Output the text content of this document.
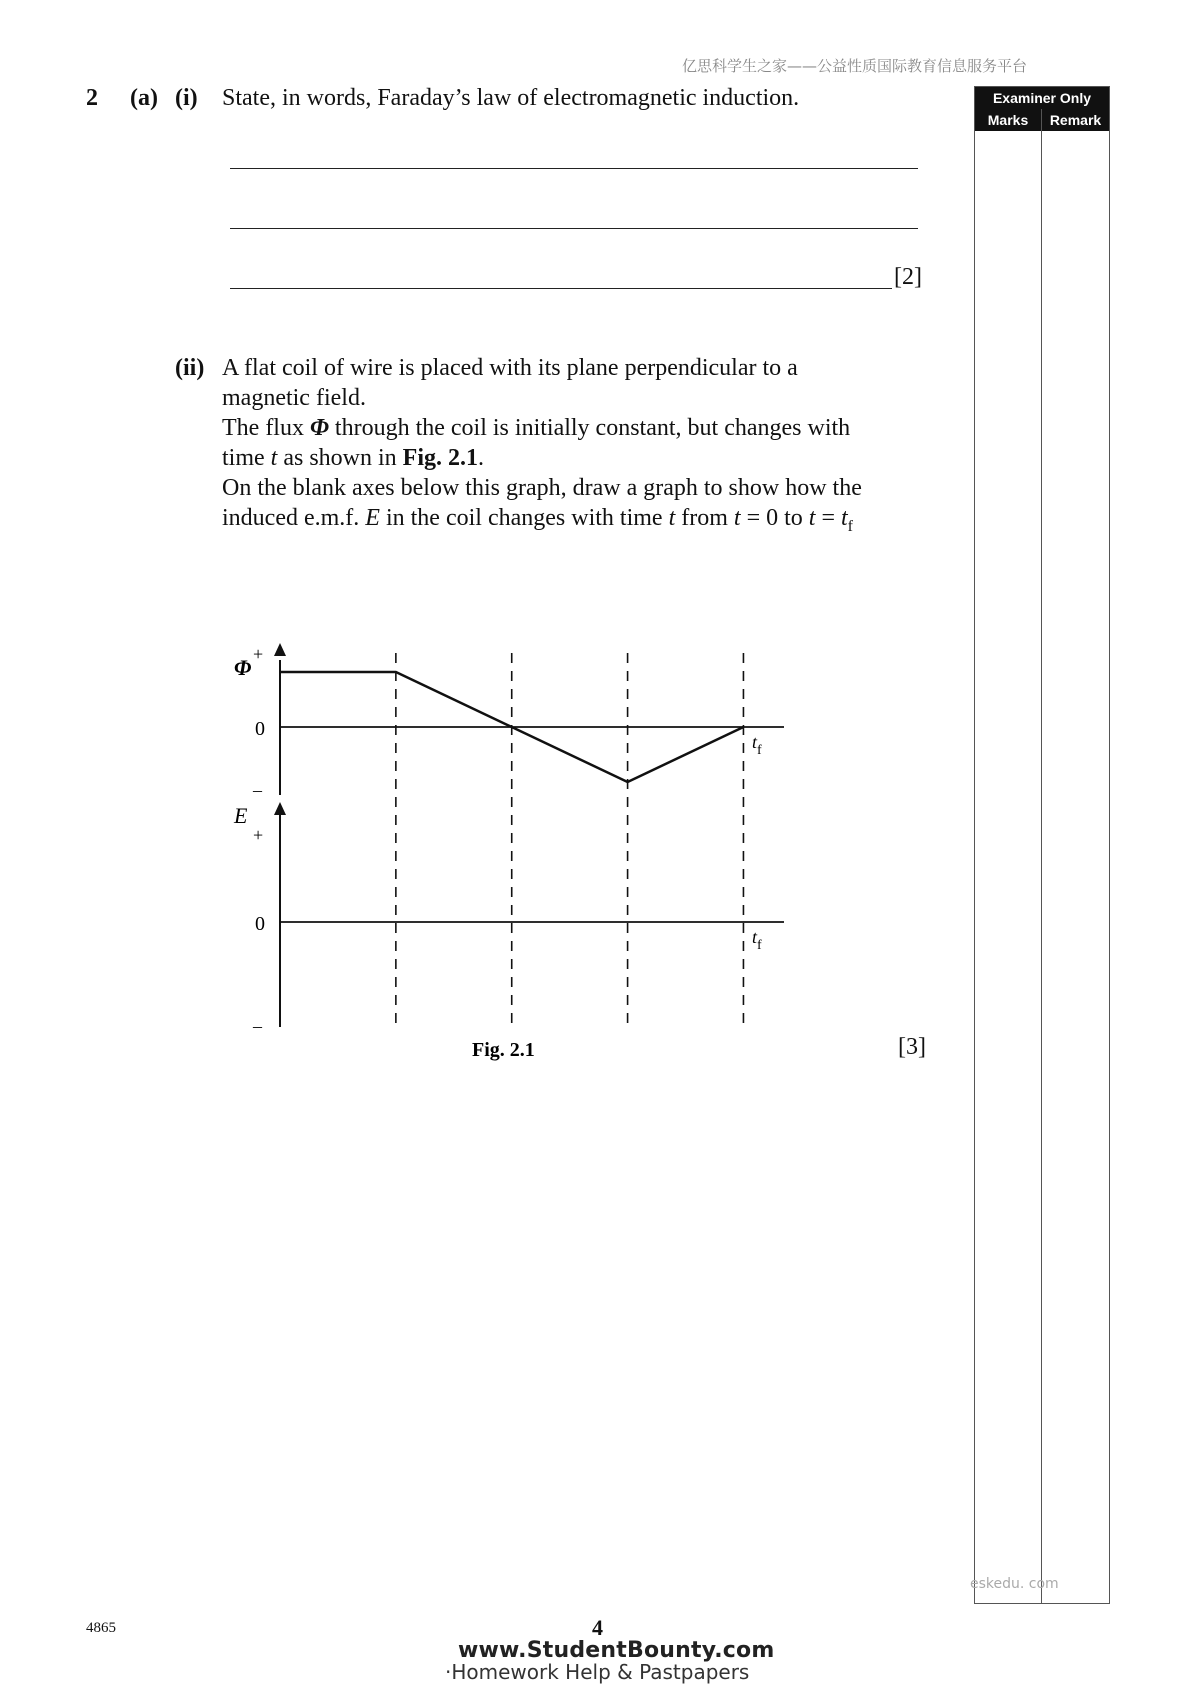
亿思科学生之家——公益性质国际教育信息服务平台
Examiner Only
Marks	Remark
eskedu. com
2 (a) (i) State, in words, Faraday’s law of electromagnetic induction.
[2]
(ii) A flat coil of wire is placed with its plane perpendicular to a
magnetic field.
The flux Φ through the coil is initially constant, but changes with
time t as shown in Fig. 2.1.
On the blank axes below this graph, draw a graph to show how the
induced e.m.f. E in the coil changes with time t from t = 0 to $t = t_f$
Φ
+
0
–
$t_f$
E
+
0
–
$t_f$
Fig. 2.1	[3]
4865	4
www.StudentBounty.com
·Homework Help & Pastpapers
